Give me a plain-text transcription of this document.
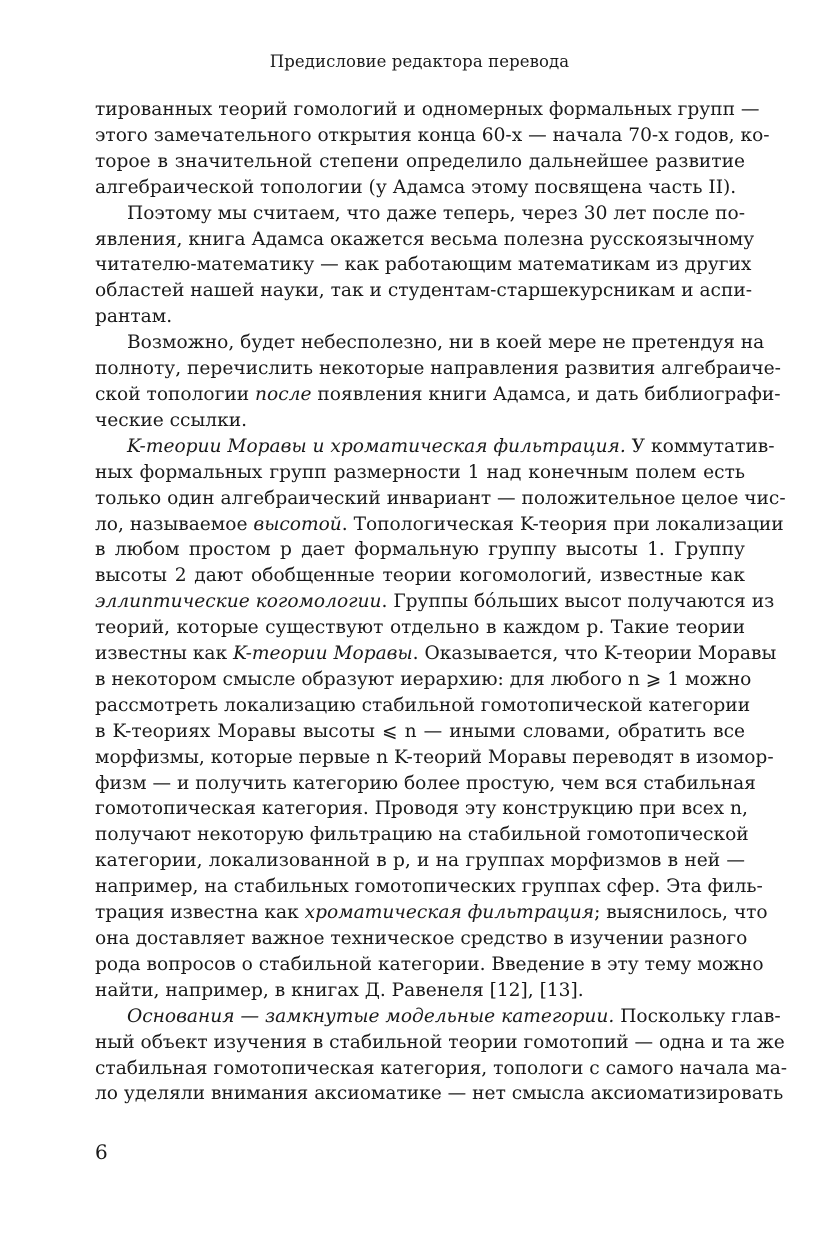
Предисловие редактора перевода
тированных теорий гомологий и одномерных формальных групп —
этого замечательного открытия конца 60-х — начала 70-х годов, ко-
торое в значительной степени определило дальнейшее развитие
алгебраической топологии (у Адамса этому посвящена часть II).
Поэтому мы считаем, что даже теперь, через 30 лет после по-
явления, книга Адамса окажется весьма полезна русскоязычному
читателю-математику — как работающим математикам из других
областей нашей науки, так и студентам-старшекурсникам и аспи-
рантам.
Возможно, будет небесполезно, ни в коей мере не претендуя на
полноту, перечислить некоторые направления развития алгебраиче-
ской топологии после появления книги Адамса, и дать библиографи-
ческие ссылки.
K-теории Моравы и хроматическая фильтрация. У коммутатив-
ных формальных групп размерности 1 над конечным полем есть
только один алгебраический инвариант — положительное целое чис-
ло, называемое высотой. Топологическая K-теория при локализации
в любом простом p дает формальную группу высоты 1. Группу
высоты 2 дают обобщенные теории когомологий, известные как
эллиптические когомологии. Группы бо́льших высот получаются из
теорий, которые существуют отдельно в каждом p. Такие теории
известны как K-теории Моравы. Оказывается, что K-теории Моравы
в некотором смысле образуют иерархию: для любого n ⩾ 1 можно
рассмотреть локализацию стабильной гомотопической категории
в K-теориях Моравы высоты ⩽ n — иными словами, обратить все
морфизмы, которые первые n K-теорий Моравы переводят в изомор-
физм — и получить категорию более простую, чем вся стабильная
гомотопическая категория. Проводя эту конструкцию при всех n,
получают некоторую фильтрацию на стабильной гомотопической
категории, локализованной в p, и на группах морфизмов в ней —
например, на стабильных гомотопических группах сфер. Эта филь-
трация известна как хроматическая фильтрация; выяснилось, что
она доставляет важное техническое средство в изучении разного
рода вопросов о стабильной категории. Введение в эту тему можно
найти, например, в книгах Д. Равенеля [12], [13].
Основания — замкнутые модельные категории. Поскольку глав-
ный объект изучения в стабильной теории гомотопий — одна и та же
стабильная гомотопическая категория, топологи с самого начала ма-
ло уделяли внимания аксиоматике — нет смысла аксиоматизировать
6
